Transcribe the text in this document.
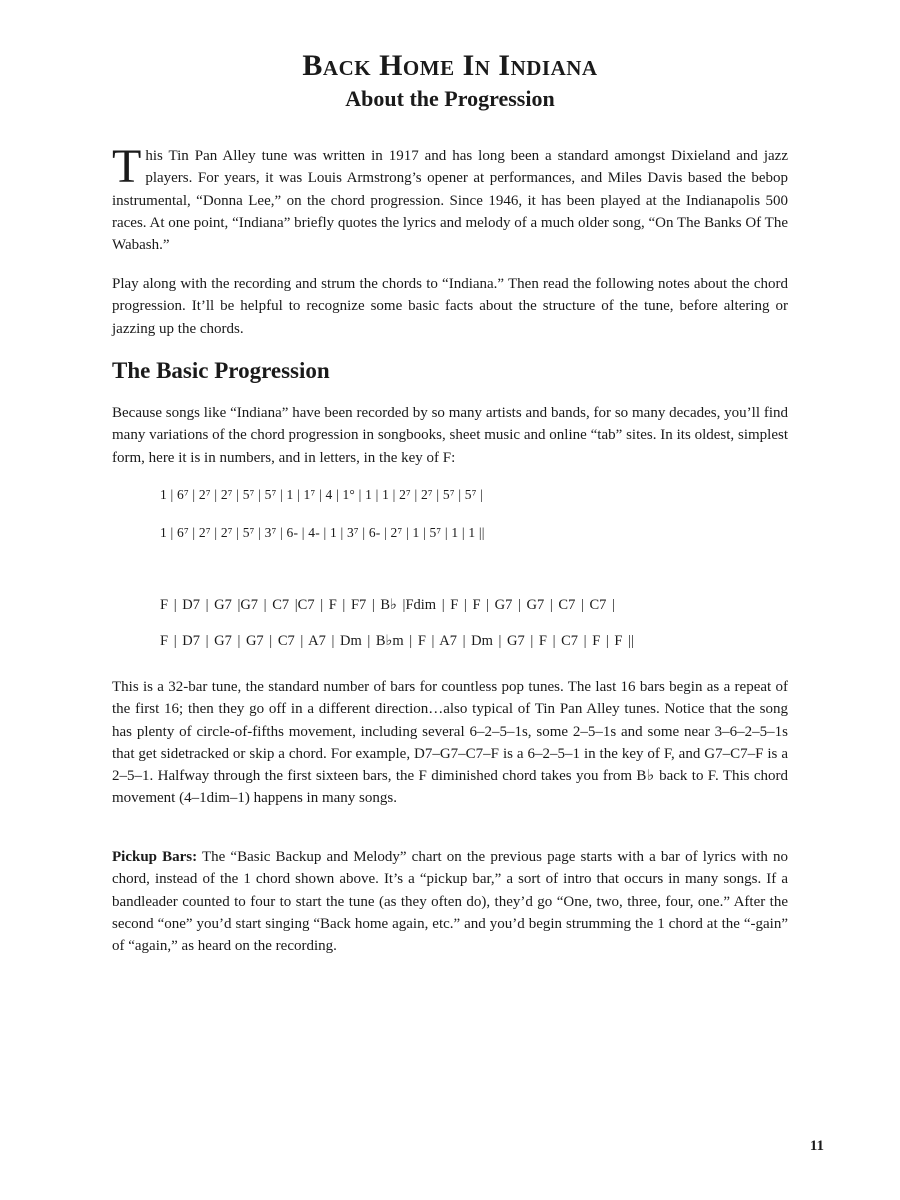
Back Home In Indiana
About the Progression

This Tin Pan Alley tune was written in 1917 and has long been a standard amongst Dixieland and jazz players. For years, it was Louis Armstrong’s opener at performances, and Miles Davis based the bebop instrumental, “Donna Lee,” on the chord progression. Since 1946, it has been played at the Indianapolis 500 races. At one point, “Indiana” briefly quotes the lyrics and melody of a much older song, “On The Banks Of The Wabash.”

Play along with the recording and strum the chords to “Indiana.” Then read the following notes about the chord progression. It’ll be helpful to recognize some basic facts about the structure of the tune, before altering or jazzing up the chords.

The Basic Progression

Because songs like “Indiana” have been recorded by so many artists and bands, for so many decades, you’ll find many variations of the chord progression in songbooks, sheet music and online “tab” sites. In its oldest, simplest form, here it is in numbers, and in letters, in the key of F:

1 | 6⁷ | 2⁷ | 2⁷ | 5⁷ | 5⁷ | 1 | 1⁷ | 4 | 1° | 1 | 1 | 2⁷ | 2⁷ | 5⁷ | 5⁷ |

1 | 6⁷ | 2⁷ | 2⁷ | 5⁷ | 3⁷ | 6- | 4- | 1 | 3⁷ | 6- | 2⁷ | 1 | 5⁷ | 1 | 1 ||

F | D7 | G7 |G7 | C7 |C7 | F | F7 | B♭ |Fdim | F | F | G7 | G7 | C7 | C7 |

F | D7 | G7 | G7 | C7 | A7 | Dm | B♭m | F | A7 | Dm | G7 | F | C7 | F | F ||

This is a 32-bar tune, the standard number of bars for countless pop tunes. The last 16 bars begin as a repeat of the first 16; then they go off in a different direction…also typical of Tin Pan Alley tunes. Notice that the song has plenty of circle-of-fifths movement, including several 6–2–5–1s, some 2–5–1s and some near 3–6–2–5–1s that get sidetracked or skip a chord. For example, D7–G7–C7–F is a 6–2–5–1 in the key of F, and G7–C7–F is a 2–5–1. Halfway through the first sixteen bars, the F diminished chord takes you from B♭ back to F. This chord movement (4–1dim–1) happens in many songs.

Pickup Bars: The “Basic Backup and Melody” chart on the previous page starts with a bar of lyrics with no chord, instead of the 1 chord shown above. It’s a “pickup bar,” a sort of intro that occurs in many songs. If a bandleader counted to four to start the tune (as they often do), they’d go “One, two, three, four, one.” After the second “one” you’d start singing “Back home again, etc.” and you’d begin strumming the 1 chord at the “-gain” of “again,” as heard on the recording.

11
